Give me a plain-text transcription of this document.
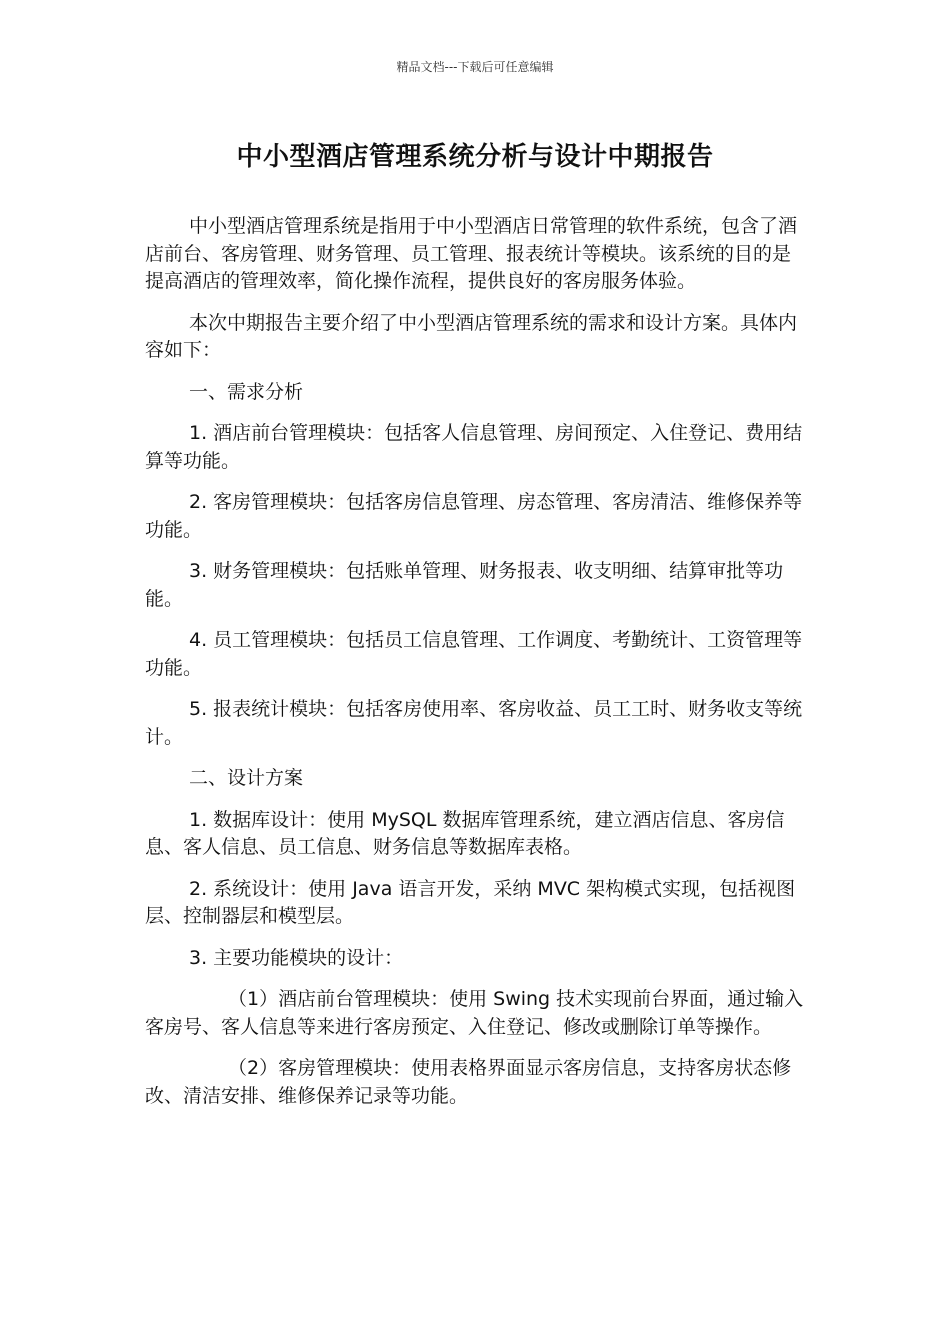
精品文档---下载后可任意编辑
中小型酒店管理系统分析与设计中期报告

中小型酒店管理系统是指用于中小型酒店日常管理的软件系统，包含了酒店前台、客房管理、财务管理、员工管理、报表统计等模块。该系统的目的是提高酒店的管理效率，简化操作流程，提供良好的客房服务体验。

本次中期报告主要介绍了中小型酒店管理系统的需求和设计方案。具体内容如下：

一、需求分析

1. 酒店前台管理模块：包括客人信息管理、房间预定、入住登记、费用结算等功能。

2. 客房管理模块：包括客房信息管理、房态管理、客房清洁、维修保养等功能。

3. 财务管理模块：包括账单管理、财务报表、收支明细、结算审批等功能。

4. 员工管理模块：包括员工信息管理、工作调度、考勤统计、工资管理等功能。

5. 报表统计模块：包括客房使用率、客房收益、员工工时、财务收支等统计。

二、设计方案

1. 数据库设计：使用 MySQL 数据库管理系统，建立酒店信息、客房信息、客人信息、员工信息、财务信息等数据库表格。

2. 系统设计：使用 Java 语言开发，采纳 MVC 架构模式实现，包括视图层、控制器层和模型层。

3. 主要功能模块的设计：

（1）酒店前台管理模块：使用 Swing 技术实现前台界面，通过输入客房号、客人信息等来进行客房预定、入住登记、修改或删除订单等操作。

（2）客房管理模块：使用表格界面显示客房信息，支持客房状态修改、清洁安排、维修保养记录等功能。
